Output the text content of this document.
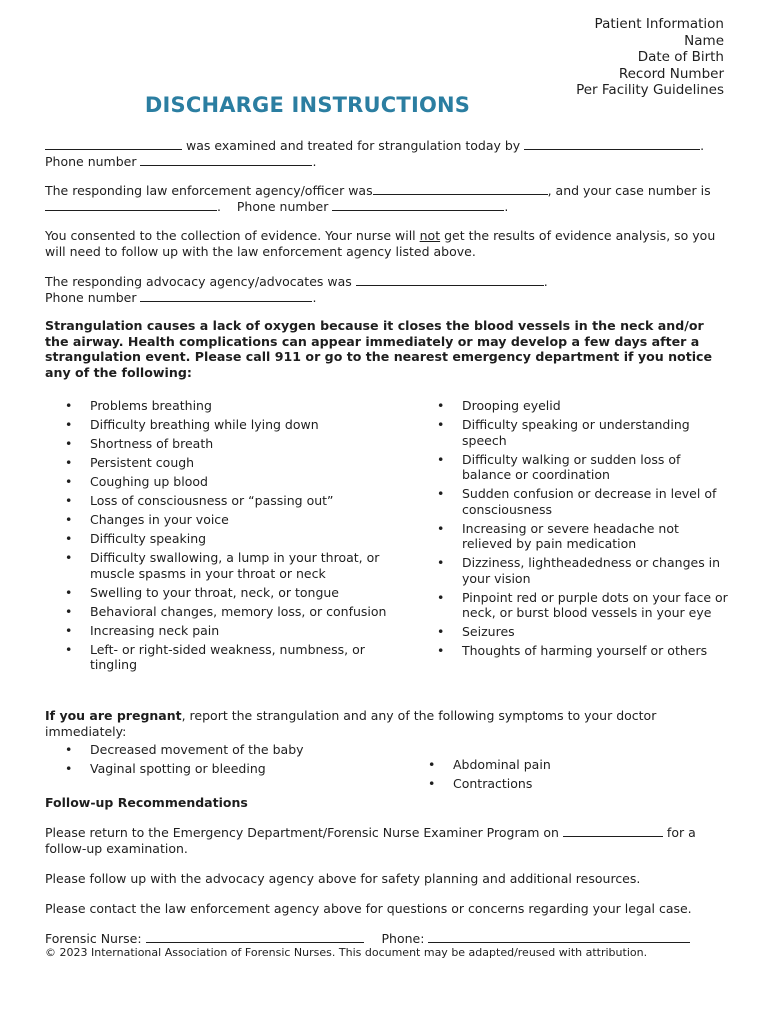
Patient Information
Name
Date of Birth
Record Number
Per Facility Guidelines
DISCHARGE INSTRUCTIONS
was examined and treated for strangulation today by	.
Phone number	.
The responding law enforcement agency/officer was	, and your case number is
.    Phone number	.
You consented to the collection of evidence. Your nurse will not get the results of evidence analysis, so you will need to follow up with the law enforcement agency listed above.
The responding advocacy agency/advocates was	.
Phone number	.
Strangulation causes a lack of oxygen because it closes the blood vessels in the neck and/or the airway. Health complications can appear immediately or may develop a few days after a strangulation event. Please call 911 or go to the nearest emergency department if you notice any of the following:
• Problems breathing
• Difficulty breathing while lying down
• Shortness of breath
• Persistent cough
• Coughing up blood
• Loss of consciousness or “passing out”
• Changes in your voice
• Difficulty speaking
• Difficulty swallowing, a lump in your throat, or muscle spasms in your throat or neck
• Swelling to your throat, neck, or tongue
• Behavioral changes, memory loss, or confusion
• Increasing neck pain
• Left- or right-sided weakness, numbness, or tingling
• Drooping eyelid
• Difficulty speaking or understanding speech
• Difficulty walking or sudden loss of balance or coordination
• Sudden confusion or decrease in level of consciousness
• Increasing or severe headache not relieved by pain medication
• Dizziness, lightheadedness or changes in your vision
• Pinpoint red or purple dots on your face or neck, or burst blood vessels in your eye
• Seizures
• Thoughts of harming yourself or others
If you are pregnant, report the strangulation and any of the following symptoms to your doctor immediately:
• Decreased movement of the baby
• Vaginal spotting or bleeding	• Abdominal pain
• Contractions
Follow-up Recommendations
Please return to the Emergency Department/Forensic Nurse Examiner Program on	for a follow-up examination.
Please follow up with the advocacy agency above for safety planning and additional resources.
Please contact the law enforcement agency above for questions or concerns regarding your legal case.
Forensic Nurse:	Phone:
© 2023 International Association of Forensic Nurses. This document may be adapted/reused with attribution.
